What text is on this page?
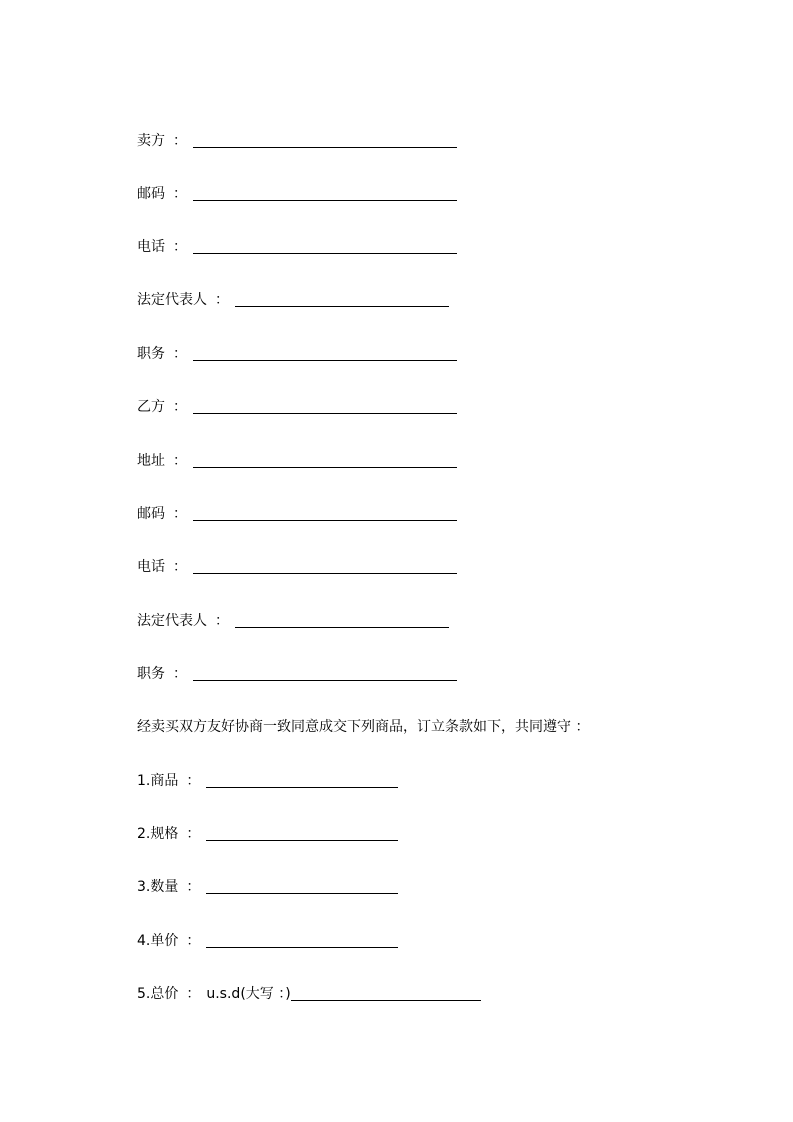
卖方 ：
邮码 ：
电话 ：
法定代表人 ：
职务 ：
乙方 ：
地址 ：
邮码 ：
电话 ：
法定代表人 ：
职务 ：
经卖买双方友好协商一致同意成交下列商品，订立条款如下，共同遵守 ：
1.商品 ：
2.规格 ：
3.数量 ：
4.单价 ：
5.总价 ： u.s.d(大写 ：)
